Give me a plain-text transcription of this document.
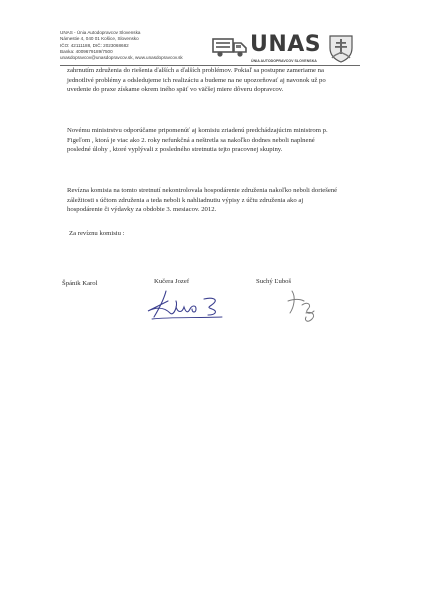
UNAS - Únia Autodopravcov Slovenska
Námestie 4, 040 01 Košice, Slovensko
IČO: 42111188, DIČ: 2023068682
Banka: 4009679189/7500
unasdopravcov@unasdopravcov.sk, www.unasdopravcov.sk
UNAS
ÚNIA AUTODOPRAVCOV SLOVENSKA
zahrnutím združenia do riešenia ďalších a ďalších problémov. Pokiaľ sa postupne zameriame na
jednotlivé problémy a odsledujeme ich realizáciu a budeme na ne upozorňovať aj navonok už po
uvedenie do praxe získame okrem iného späť vo väčšej miere dôveru dopravcov.
Novému ministrstvu odporúčame pripomenúť aj komisiu zriadenú predchádzajúcim ministrom p.
Figeľom , ktorá je viac ako 2. roky nefunkčná a neštretla sa nakoľko dodnes neboli naplnené
posledné úlohy , ktoré vyplývali z posledného stretnutia tejto pracovnej skupiny.
Revízna komisia na tomto stretnutí nekontrolovala hospodárenie združenia nakoľko neboli doriešené
záležitosti s účtom združenia a teda neboli k nahliadnutiu výpisy z účtu združenia ako aj
hospodárenie či výdavky za obdobie 3. mesiacov. 2012.
Za revíznu komisiu :
Špánik Karol	Kučera Jozef	Suchý Ľuboš
